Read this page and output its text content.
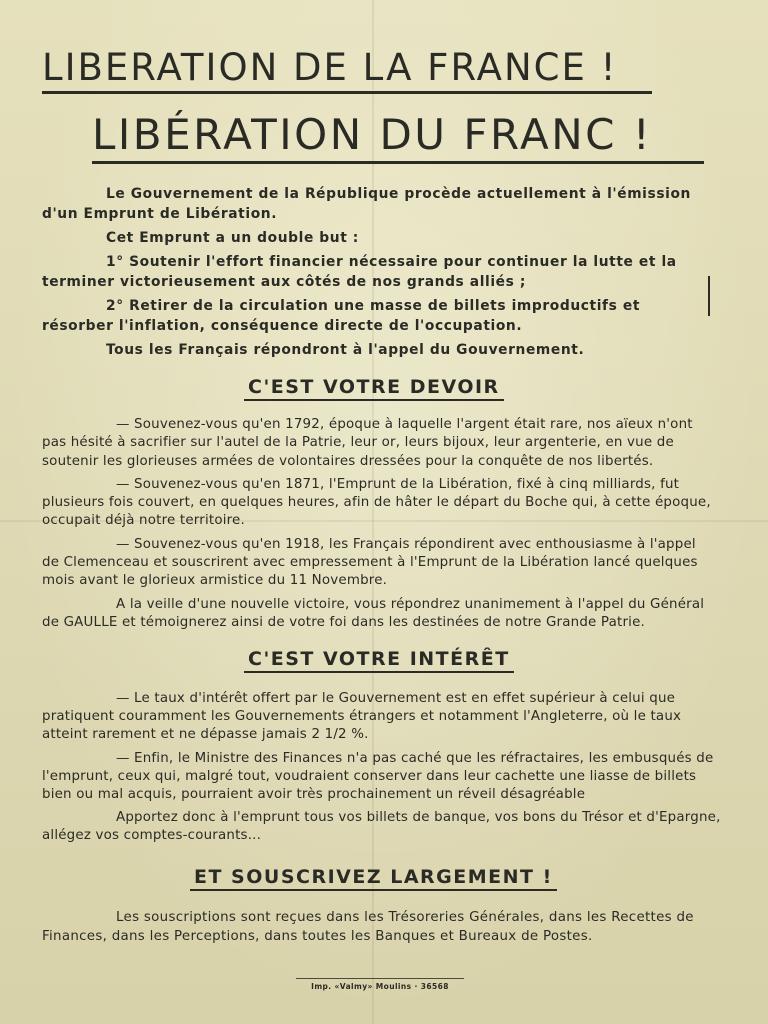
LIBERATION DE LA FRANCE !
LIBÉRATION DU FRANC !

Le Gouvernement de la République procède actuellement à l'émission d'un Emprunt de Libération.

Cet Emprunt a un double but :

1° Soutenir l'effort financier nécessaire pour continuer la lutte et la terminer victorieusement aux côtés de nos grands alliés ;

2° Retirer de la circulation une masse de billets improductifs et résorber l'inflation, conséquence directe de l'occupation.

Tous les Français répondront à l'appel du Gouvernement.

C'EST VOTRE DEVOIR

— Souvenez-vous qu'en 1792, époque à laquelle l'argent était rare, nos aïeux n'ont pas hésité à sacrifier sur l'autel de la Patrie, leur or, leurs bijoux, leur argenterie, en vue de soutenir les glorieuses armées de volontaires dressées pour la conquête de nos libertés.

— Souvenez-vous qu'en 1871, l'Emprunt de la Libération, fixé à cinq milliards, fut plusieurs fois couvert, en quelques heures, afin de hâter le départ du Boche qui, à cette époque, occupait déjà notre territoire.

— Souvenez-vous qu'en 1918, les Français répondirent avec enthousiasme à l'appel de Clemenceau et souscrirent avec empressement à l'Emprunt de la Libération lancé quelques mois avant le glorieux armistice du 11 Novembre.

A la veille d'une nouvelle victoire, vous répondrez unanimement à l'appel du Général de GAULLE et témoignerez ainsi de votre foi dans les destinées de notre Grande Patrie.

C'EST VOTRE INTÉRÊT

— Le taux d'intérêt offert par le Gouvernement est en effet supérieur à celui que pratiquent couramment les Gouvernements étrangers et notamment l'Angleterre, où le taux atteint rarement et ne dépasse jamais 2 1/2 %.

— Enfin, le Ministre des Finances n'a pas caché que les réfractaires, les embusqués de l'emprunt, ceux qui, malgré tout, voudraient conserver dans leur cachette une liasse de billets bien ou mal acquis, pourraient avoir très prochainement un réveil désagréable

Apportez donc à l'emprunt tous vos billets de banque, vos bons du Trésor et d'Epargne, allégez vos comptes-courants...

ET SOUSCRIVEZ LARGEMENT !

Les souscriptions sont reçues dans les Trésoreries Générales, dans les Recettes de Finances, dans les Perceptions, dans toutes les Banques et Bureaux de Postes.

Imp. «Valmy» Moulins · 36568
